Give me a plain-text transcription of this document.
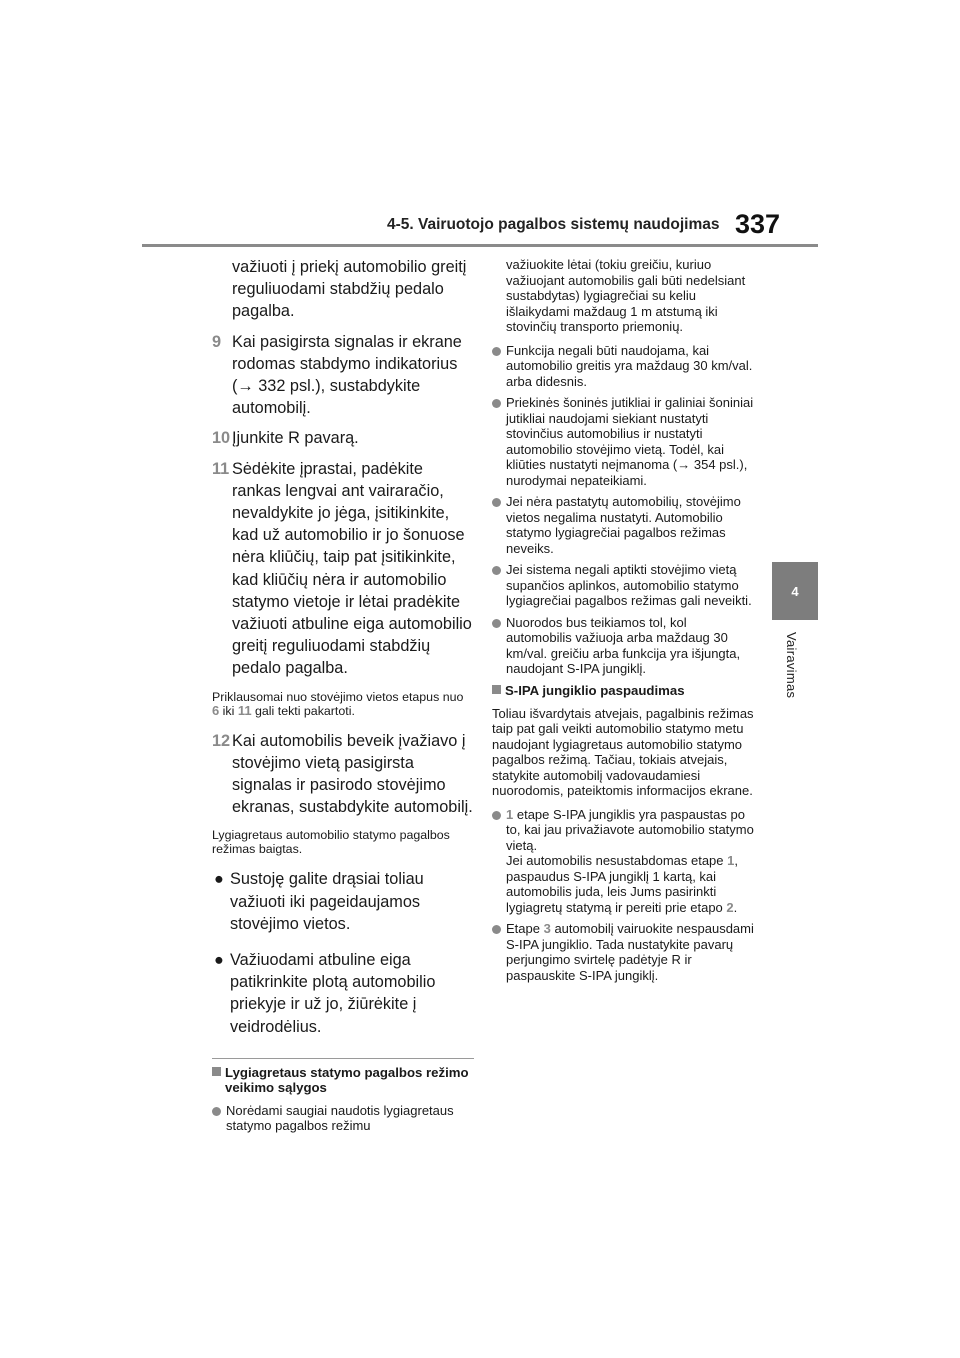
4-5. Vairuotojo pagalbos sistemų naudojimas 337
4
Vairavimas
važiuoti į priekį automobilio greitį reguliuodami stabdžių pedalo pagalba.
9 Kai pasigirsta signalas ir ekrane rodomas stabdymo indikatorius (→ 332 psl.), sustabdykite automobilį.
10 Įjunkite R pavarą.
11 Sėdėkite įprastai, padėkite rankas lengvai ant vairaračio, nevaldykite jo jėga, įsitikinkite, kad už automobilio ir jo šonuose nėra kliūčių, taip pat įsitikinkite, kad kliūčių nėra ir automobilio statymo vietoje ir lėtai pradėkite važiuoti atbuline eiga automobilio greitį reguliuodami stabdžių pedalo pagalba.
Priklausomai nuo stovėjimo vietos etapus nuo 6 iki 11 gali tekti pakartoti.
12 Kai automobilis beveik įvažiavo į stovėjimo vietą pasigirsta signalas ir pasirodo stovėjimo ekranas, sustabdykite automobilį.
Lygiagretaus automobilio statymo pagalbos režimas baigtas.
● Sustoję galite drąsiai toliau važiuoti iki pageidaujamos stovėjimo vietos.
● Važiuodami atbuline eiga patikrinkite plotą automobilio priekyje ir už jo, žiūrėkite į veidrodėlius.
Lygiagretaus statymo pagalbos režimo veikimo sąlygos
Norėdami saugiai naudotis lygiagretaus statymo pagalbos režimu
važiuokite lėtai (tokiu greičiu, kuriuo važiuojant automobilis gali būti nedelsiant sustabdytas) lygiagrečiai su keliu išlaikydami maždaug 1 m atstumą iki stovinčių transporto priemonių.
Funkcija negali būti naudojama, kai automobilio greitis yra maždaug 30 km/val. arba didesnis.
Priekinės šoninės jutikliai ir galiniai šoniniai jutikliai naudojami siekiant nustatyti stovinčius automobilius ir nustatyti automobilio stovėjimo vietą. Todėl, kai kliūties nustatyti neįmanoma (→ 354 psl.), nurodymai nepateikiami.
Jei nėra pastatytų automobilių, stovėjimo vietos negalima nustatyti. Automobilio statymo lygiagrečiai pagalbos režimas neveiks.
Jei sistema negali aptikti stovėjimo vietą supančios aplinkos, automobilio statymo lygiagrečiai pagalbos režimas gali neveikti.
Nuorodos bus teikiamos tol, kol automobilis važiuoja arba maždaug 30 km/val. greičiu arba funkcija yra išjungta, naudojant S-IPA jungiklį.
S-IPA jungiklio paspaudimas
Toliau išvardytais atvejais, pagalbinis režimas taip pat gali veikti automobilio statymo metu naudojant lygiagretaus automobilio statymo pagalbos režimą. Tačiau, tokiais atvejais, statykite automobilį vadovaudamiesi nuorodomis, pateiktomis informacijos ekrane.
1 etape S-IPA jungiklis yra paspaustas po to, kai jau privažiavote automobilio statymo vietą.
Jei automobilis nesustabdomas etape 1, paspaudus S-IPA jungiklį 1 kartą, kai automobilis juda, leis Jums pasirinkti lygiagretų statymą ir pereiti prie etapo 2.
Etape 3 automobilį vairuokite nespausdami S-IPA jungiklio. Tada nustatykite pavarų perjungimo svirtelę padėtyje R ir paspauskite S-IPA jungiklį.
